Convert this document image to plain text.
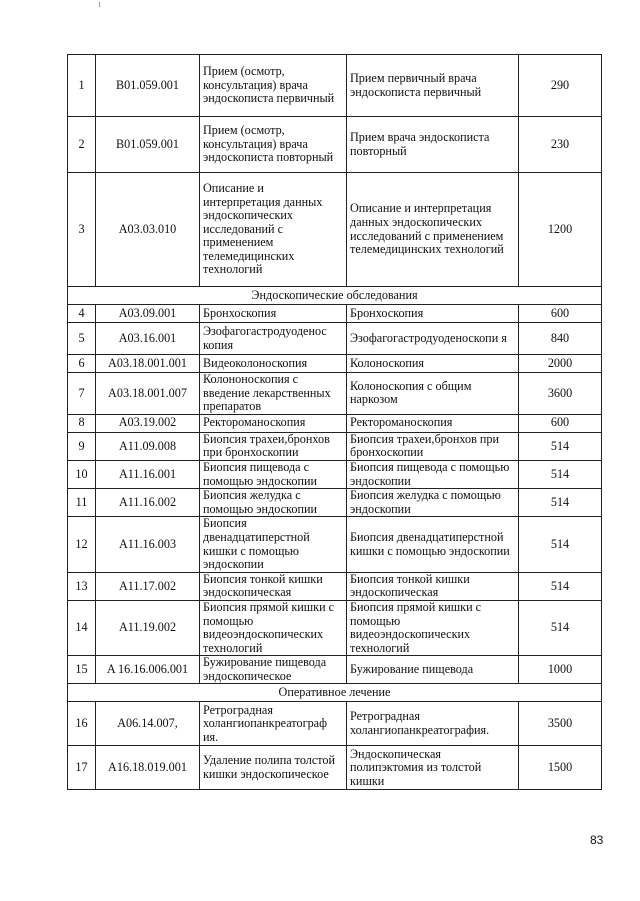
1	B01.059.001	Прием (осмотр, консультация) врача эндоскописта первичный	Прием первичный врача эндоскописта первичный	290
2	B01.059.001	Прием (осмотр, консультация) врача эндоскописта повторный	Прием врача эндоскописта повторный	230
3	A03.03.010	Описание и интерпретация данных эндоскопических исследований с применением телемедицинских технологий	Описание и интерпретация данных эндоскопических исследований с применением телемедицинских технологий	1200
Эндоскопические обследования				
4	A03.09.001	Бронхоскопия	Бронхоскопия	600
5	A03.16.001	Эзофагогастродуоденос копия	Эзофагогастродуоденоскопи я	840
6	A03.18.001.001	Видеоколоноскопия	Колоноскопия	2000
7	A03.18.001.007	Колононоскопия с введение лекарственных препаратов	Колоноскопия с общим наркозом	3600
8	A03.19.002	Ректороманоскопия	Ректороманоскопия	600
9	A11.09.008	Биопсия трахеи,бронхов при бронхоскопии	Биопсия трахеи,бронхов при бронхоскопии	514
10	A11.16.001	Биопсия пищевода с помощью эндоскопии	Биопсия пищевода с помощью эндоскопии	514
11	A11.16.002	Биопсия желудка с помощью эндоскопии	Биопсия желудка с помощью эндоскопии	514
12	A11.16.003	Биопсия двенадцатиперстной кишки с помощью эндоскопии	Биопсия двенадцатиперстной кишки с помощью эндоскопии	514
13	A11.17.002	Биопсия тонкой кишки эндоскопическая	Биопсия тонкой кишки эндоскопическая	514
14	A11.19.002	Биопсия прямой кишки с помощью видеоэндоскопических технологий	Биопсия прямой кишки с помощью видеоэндоскопических технологий	514
15	A 16.16.006.001	Бужирование пищевода эндоскопическое	Бужирование пищевода	1000
Оперативное лечение				
16	A06.14.007,	Ретроградная холангиопанкреатограф ия.	Ретроградная холангиопанкреатография.	3500
17	A16.18.019.001	Удаление полипа толстой кишки эндоскопическое	Эндоскопическая полипэктомия из толстой кишки	1500
83
